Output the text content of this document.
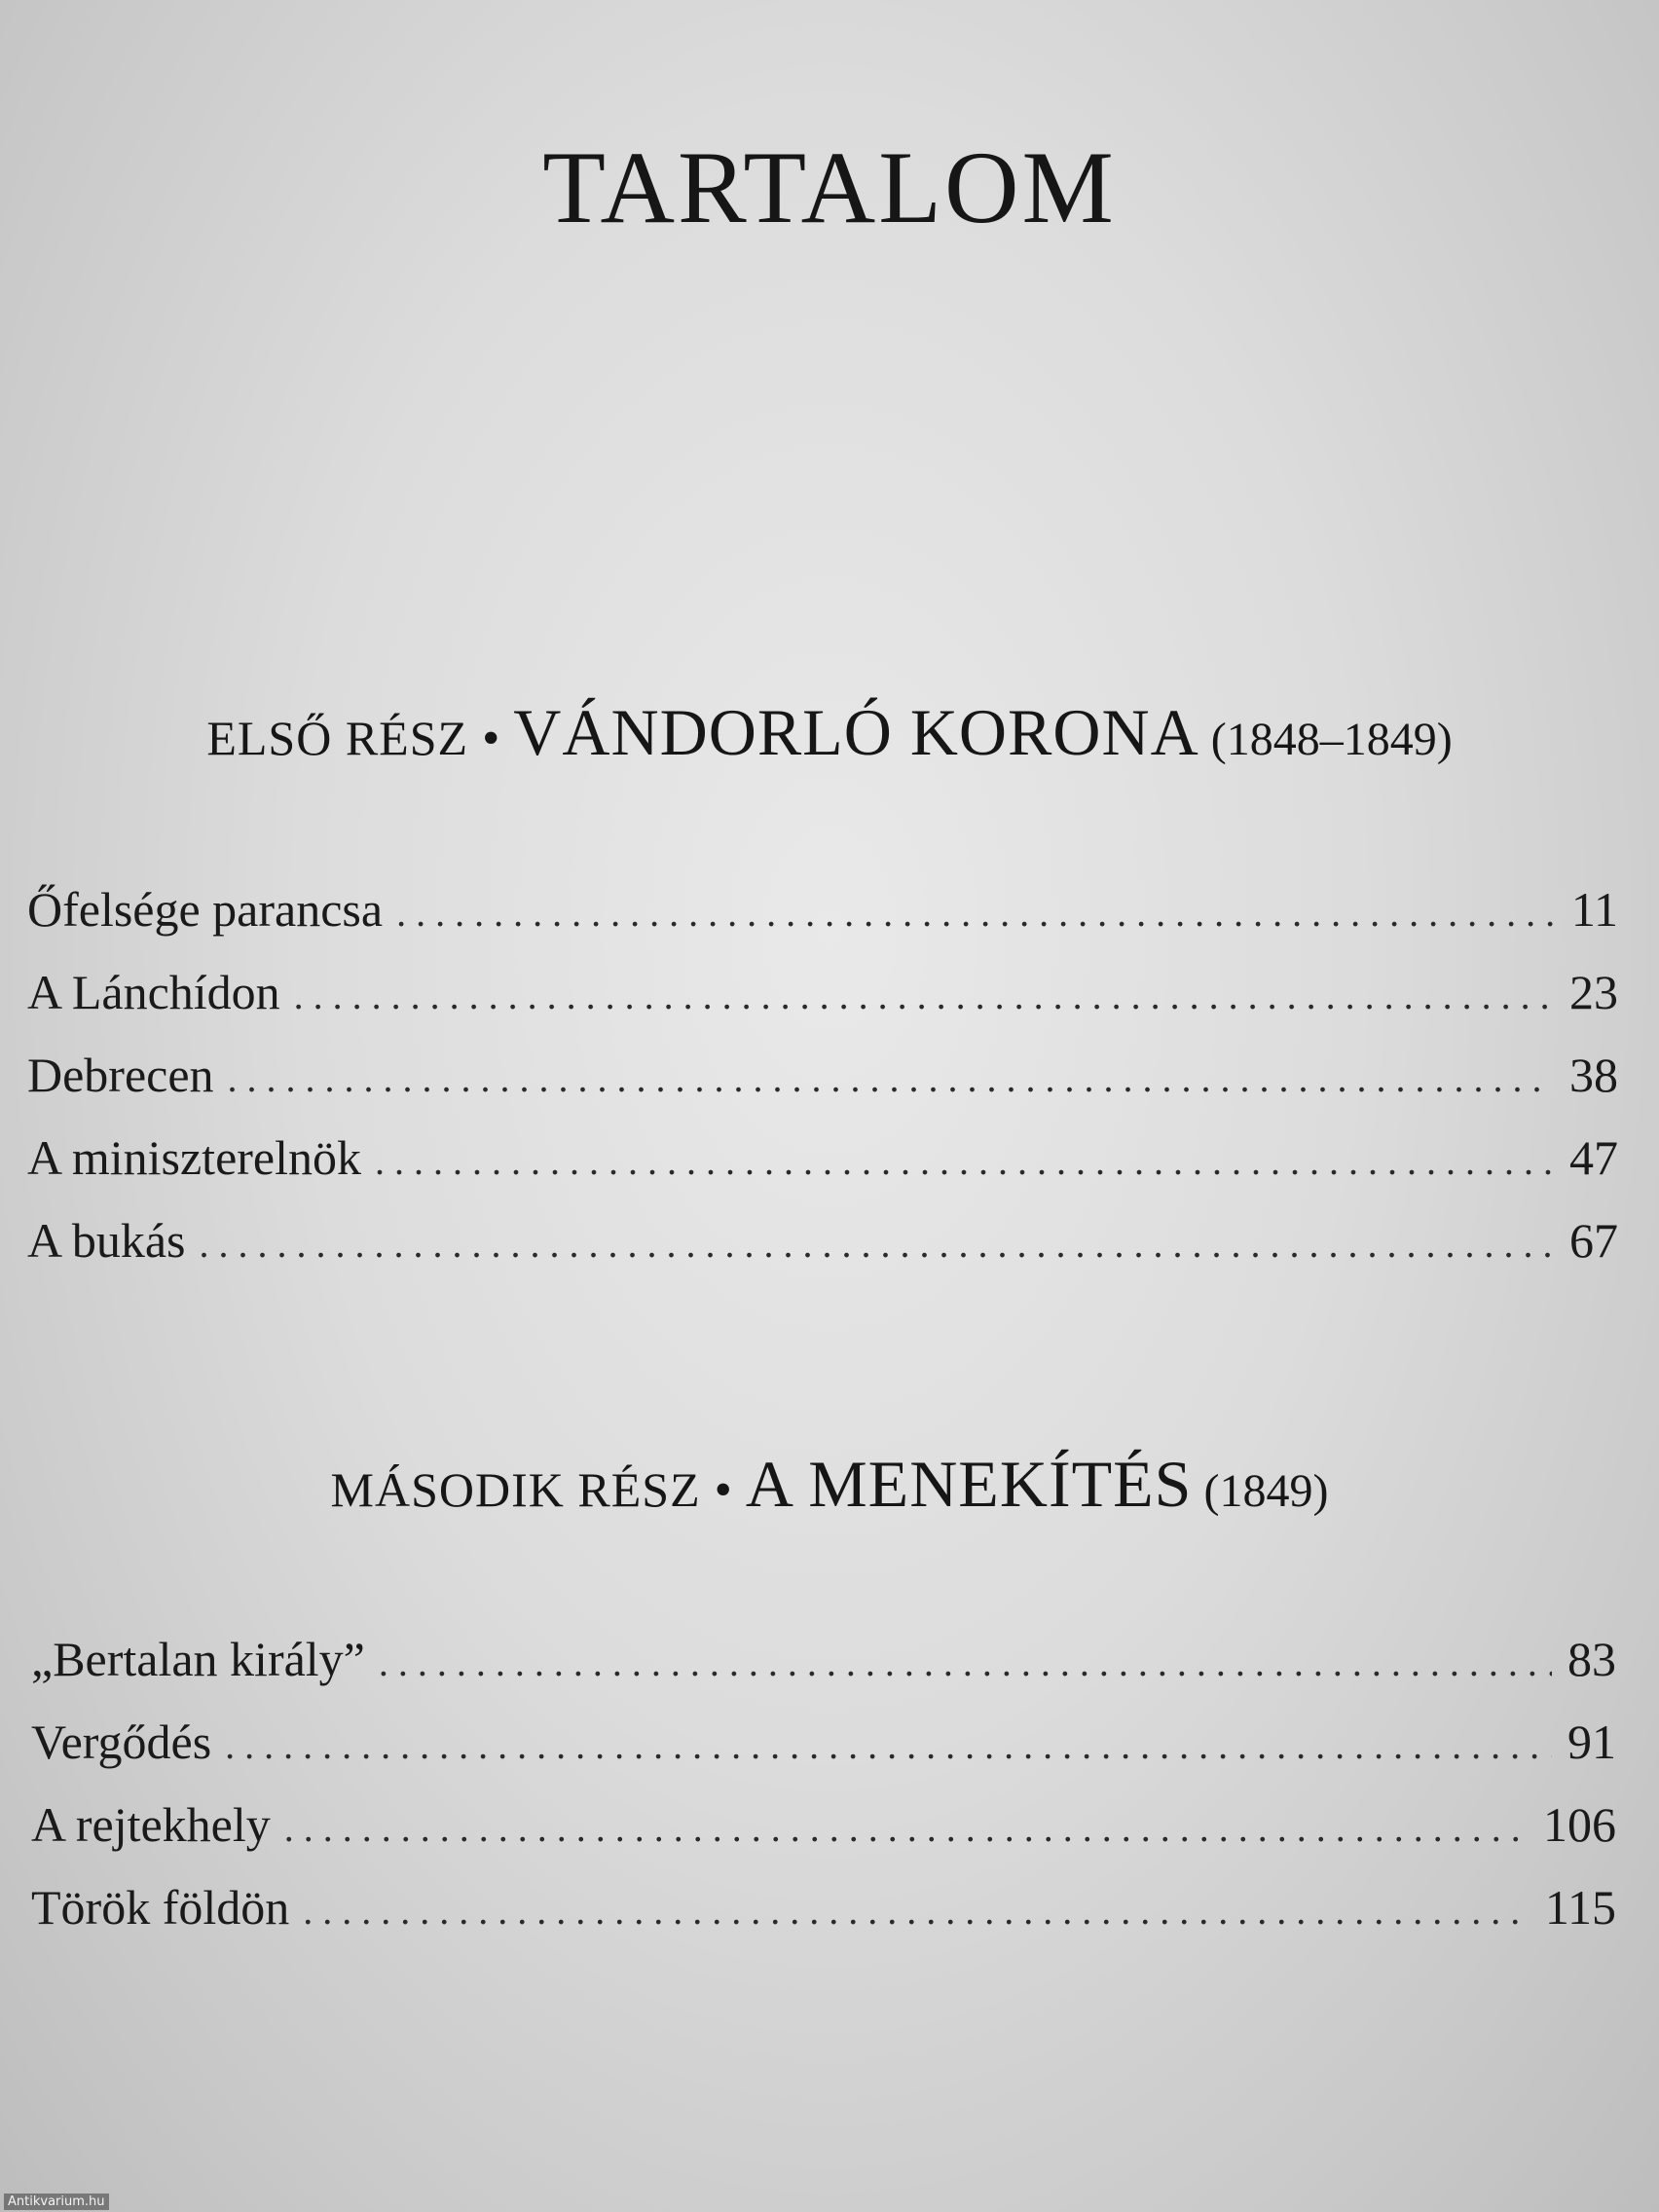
TARTALOM
ELSŐ RÉSZ • VÁNDORLÓ KORONA (1848–1849)
Őfelsége parancsa . . .	11
A Lánchídon . . .	23
Debrecen . . .	38
A miniszterelnök . . .	47
A bukás . . .	67
MÁSODIK RÉSZ • A MENEKÍTÉS (1849)
„Bertalan király” . . .	83
Vergődés . . .	91
A rejtekhely . . .	106
Török földön . . .	115
Antikvarium.hu
